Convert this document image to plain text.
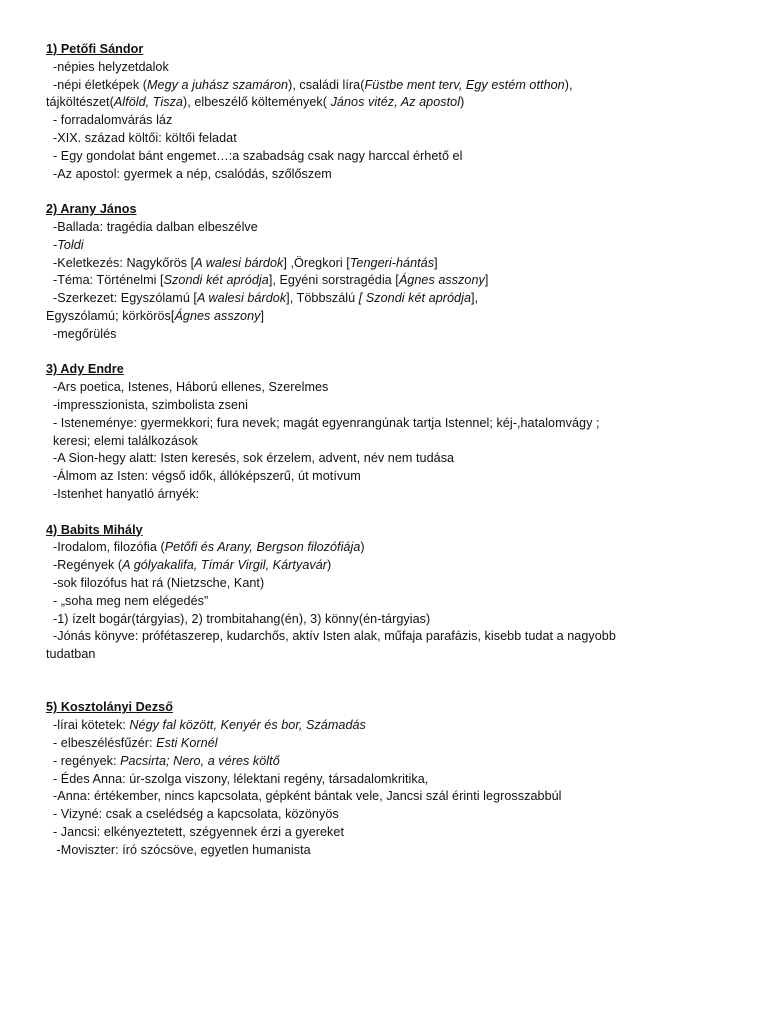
1) Petőfi Sándor
-népies helyzetdalok
-népi életképek (Megy a juhász szamáron), családi líra(Füstbe ment terv, Egy estém otthon),
tájköltészet(Alföld, Tisza), elbeszélő költemények( János vitéz, Az apostol)
- forradalomvárás láz
-XIX. század költői: költői feladat
- Egy gondolat bánt engemet…:a szabadság csak nagy harccal érhető el
-Az apostol: gyermek a nép, csalódás, szőlőszem
2) Arany János
-Ballada: tragédia dalban elbeszélve
-Toldi
-Keletkezés: Nagykőrös [A walesi bárdok] ,Öregkori [Tengeri-hántás]
-Téma: Történelmi [Szondi két apródja], Egyéni sorstragédia [Ágnes asszony]
-Szerkezet: Egyszólamú [A walesi bárdok], Többszálú [ Szondi két apródja],
Egyszólamú; körkörös[Ágnes asszony]
-megőrülés
3) Ady Endre
-Ars poetica, Istenes, Háború ellenes, Szerelmes
-impresszionista, szimbolista zseni
- Isteneménye: gyermekkori; fura nevek; magát egyenrangúnak tartja Istennel; kéj-,hatalomvágy ;
keresi; elemi találkozások
-A Sion-hegy alatt: Isten keresés, sok érzelem, advent, név nem tudása
-Álmom az Isten: végső idők, állóképszerű, út motívum
-Istenhet hanyatló árnyék:
4) Babits Mihály
-Irodalom, filozófia (Petőfi és Arany, Bergson filozófiája)
-Regények (A gólyakalifa, Tímár Virgil, Kártyavár)
-sok filozófus hat rá (Nietzsche, Kant)
- „soha meg nem elégedés”
-1) ízelt bogár(tárgyias), 2) trombitahang(én), 3) könny(én-tárgyias)
-Jónás könyve: prófétaszerep, kudarchős, aktív Isten alak, műfaja parafázis, kisebb tudat a nagyobb
tudatban
5) Kosztolányi Dezső
-lírai kötetek: Négy fal között, Kenyér és bor, Számadás
- elbeszélésfűzér: Esti Kornél
- regények: Pacsirta; Nero, a véres költő
- Édes Anna: úr-szolga viszony, lélektani regény, társadalomkritika,
-Anna: értékember, nincs kapcsolata, gépként bántak vele, Jancsi szál érinti legrosszabbúl
- Vizyné: csak a cselédség a kapcsolata, közönyös
- Jancsi: elkényeztetett, szégyennek érzi a gyereket
-Moviszter: író szócsöve, egyetlen humanista
